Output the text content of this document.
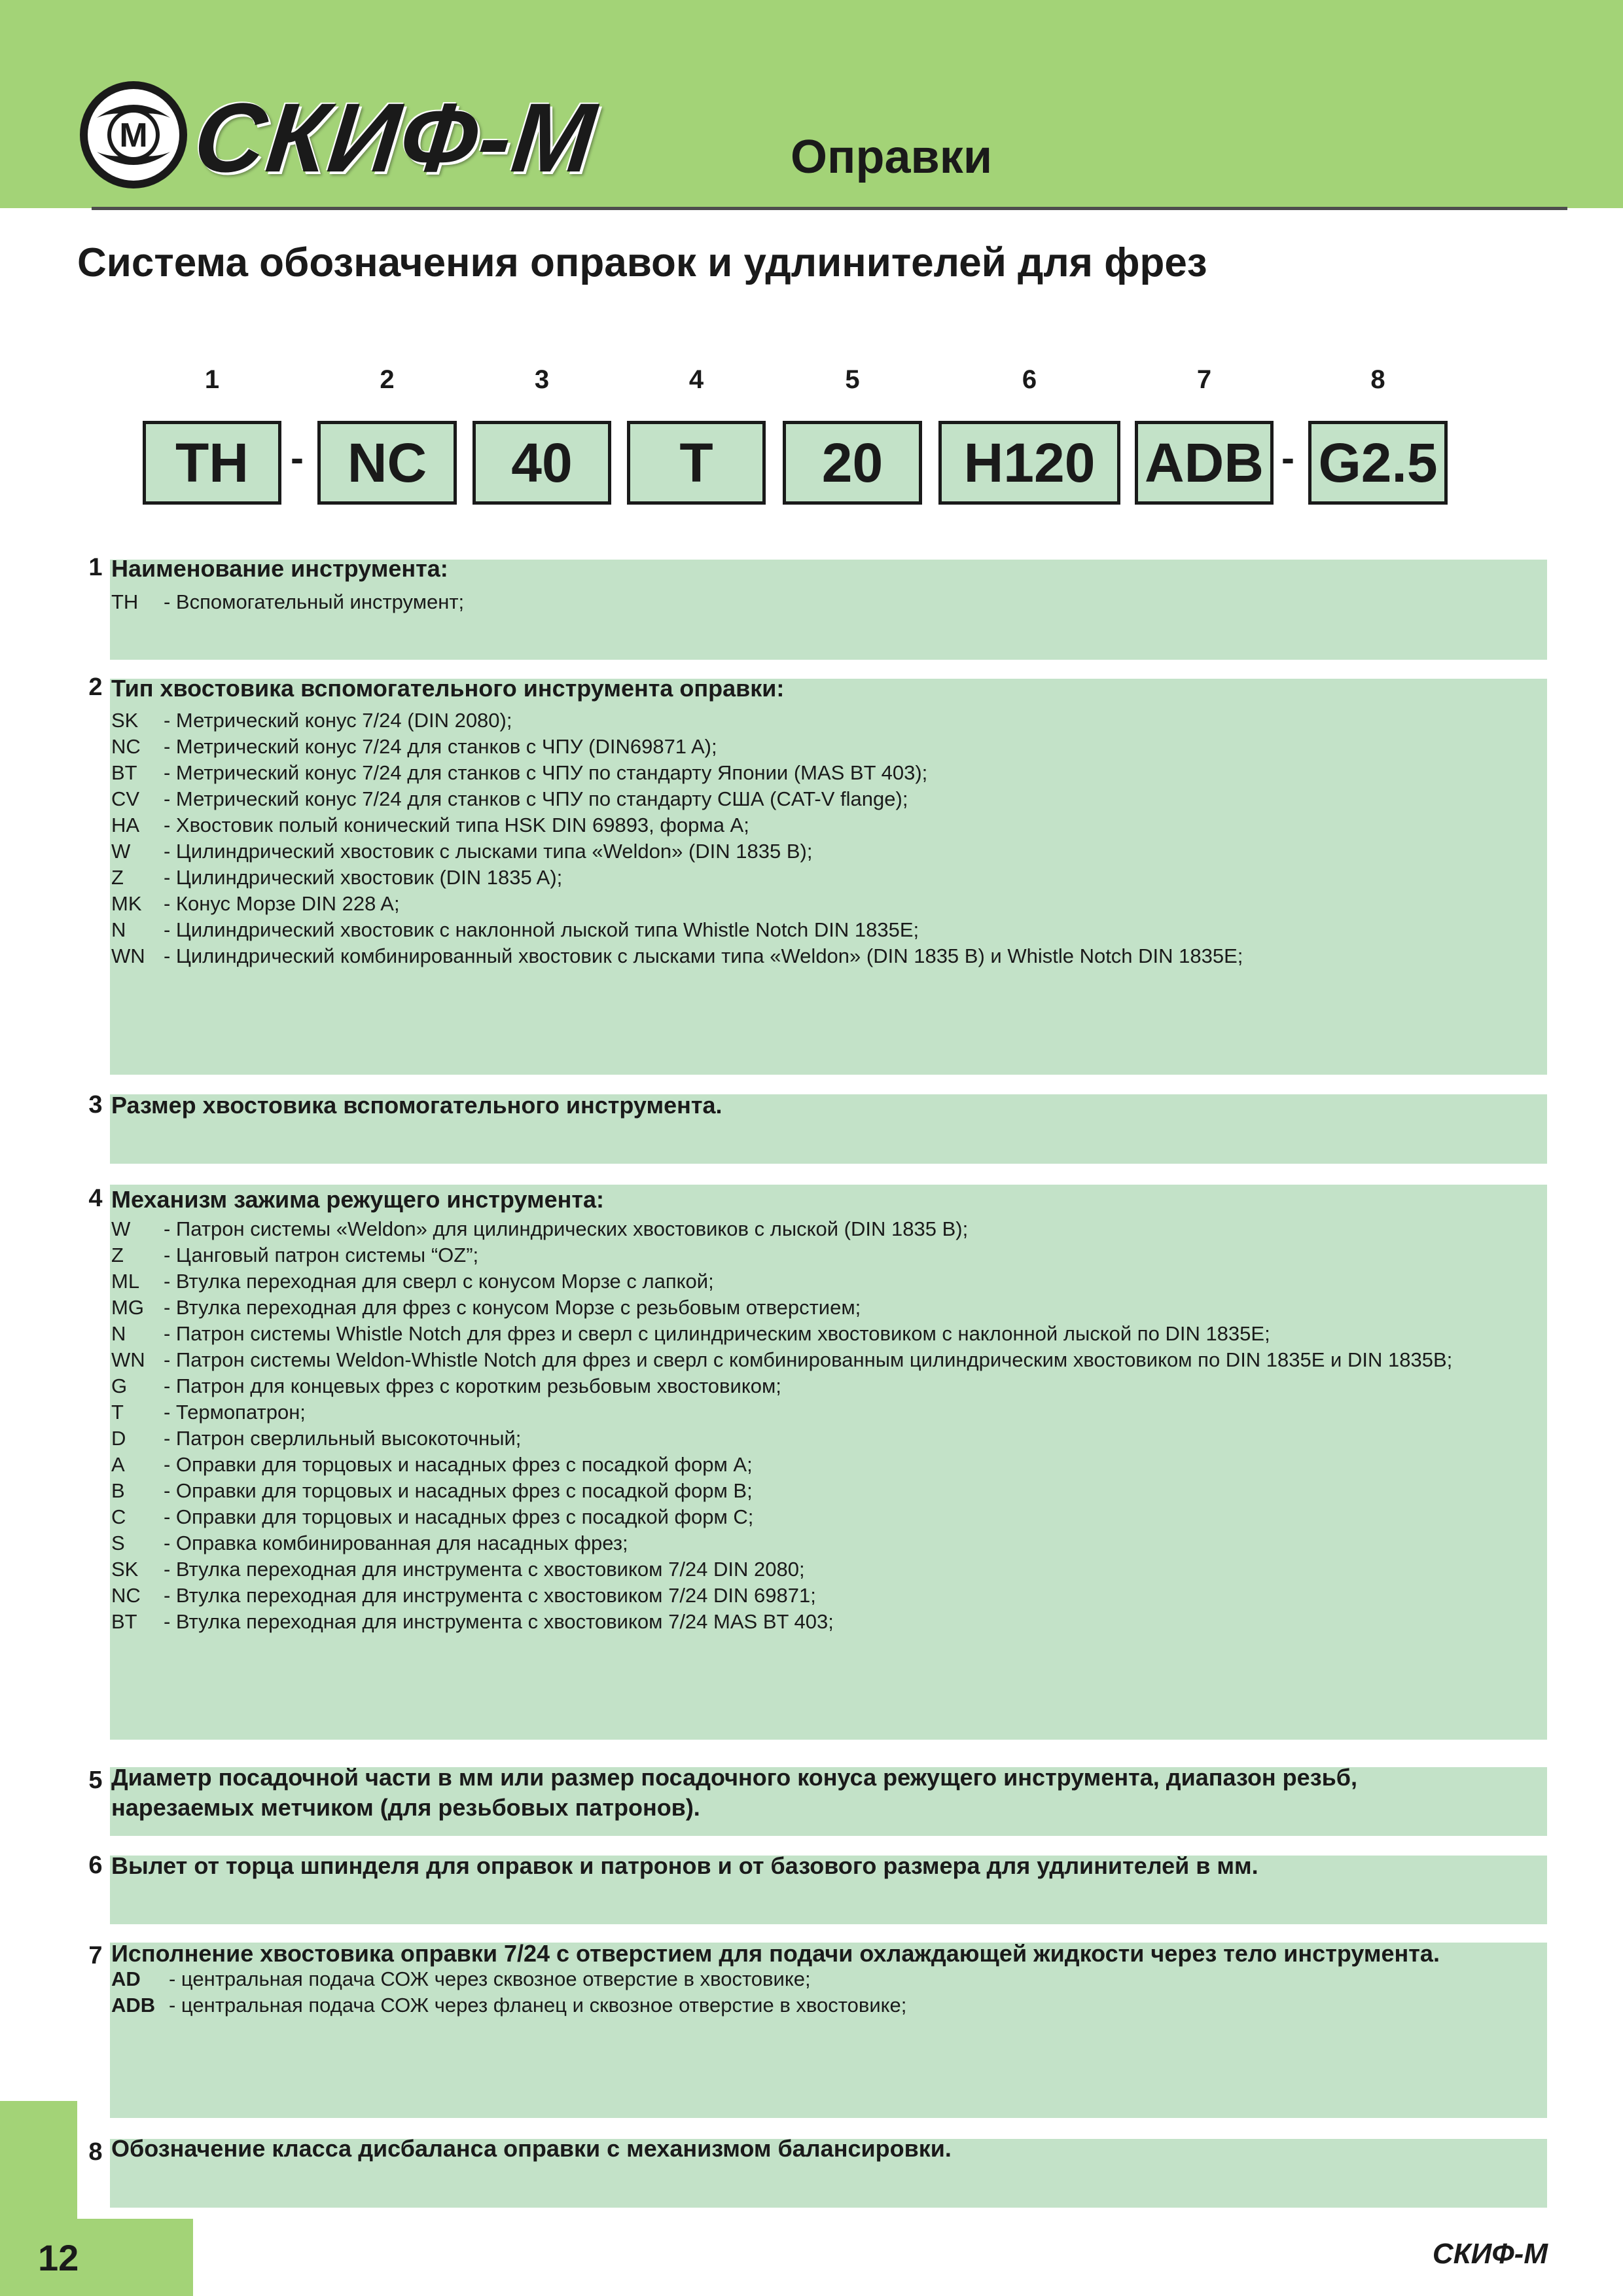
М СКИФ-М	Оправки
Система обозначения оправок и удлинителей для фрез
1
TH
2
NC
3
40
4
T
5
20
6
H120
7
ADB
8
G2.5
-	-
1 Наименование инструмента:
TH - Вспомогательный инструмент;
2 Тип хвостовика вспомогательного инструмента оправки:
SK - Метрический конус 7/24 (DIN 2080);
NC - Метрический конус 7/24 для станков с ЧПУ (DIN69871 A);
BT - Метрический конус 7/24 для станков с ЧПУ по стандарту Японии (MAS BT 403);
CV - Метрический конус 7/24 для станков с ЧПУ по стандарту США (CAT-V flange);
HA - Хвостовик полый конический типа HSK DIN 69893, форма А;
W - Цилиндрический хвостовик с лысками типа «Weldon» (DIN 1835 B);
Z - Цилиндрический хвостовик (DIN 1835 A);
MK - Конус Морзе DIN 228 A;
N - Цилиндрический хвостовик с наклонной лыской типа Whistle Notch DIN 1835E;
WN - Цилиндрический комбинированный хвостовик с лысками типа «Weldon» (DIN 1835 B) и Whistle Notch DIN 1835E;
3 Размер хвостовика вспомогательного инструмента.
4 Механизм зажима режущего инструмента:
W - Патрон системы «Weldon» для цилиндрических хвостовиков с лыской (DIN 1835 B);
Z - Цанговый патрон системы “OZ”;
ML - Втулка переходная для сверл с конусом Морзе с лапкой;
MG - Втулка переходная для фрез с конусом Морзе с резьбовым отверстием;
N - Патрон системы Whistle Notch для фрез и сверл с цилиндрическим хвостовиком с наклонной лыской по DIN 1835E;
WN - Патрон системы Weldon-Whistle Notch для фрез и сверл с комбинированным цилиндрическим хвостовиком по DIN 1835E и DIN 1835B;
G - Патрон для концевых фрез с коротким резьбовым хвостовиком;
T - Термопатрон;
D - Патрон сверлильный высокоточный;
A - Оправки для торцовых и насадных фрез с посадкой форм A;
B - Оправки для торцовых и насадных фрез с посадкой форм B;
C - Оправки для торцовых и насадных фрез с посадкой форм C;
S - Оправка комбинированная для насадных фрез;
SK - Втулка переходная для инструмента с хвостовиком 7/24 DIN 2080;
NC - Втулка переходная для инструмента с хвостовиком 7/24 DIN 69871;
BT - Втулка переходная для инструмента с хвостовиком 7/24 MAS BT 403;
5 Диаметр посадочной части в мм или размер посадочного конуса режущего инструмента, диапазон резьб,
нарезаемых метчиком (для резьбовых патронов).
6 Вылет от торца шпинделя для оправок и патронов и от базового размера для удлинителей в мм.
7 Исполнение хвостовика оправки 7/24 с отверстием для подачи охлаждающей жидкости через тело инструмента.
AD - центральная подача СОЖ через сквозное отверстие в хвостовике;
ADB - центральная подача СОЖ через фланец и сквозное отверстие в хвостовике;
8 Обозначение класса дисбаланса оправки с механизмом балансировки.
12	СКИФ-М
